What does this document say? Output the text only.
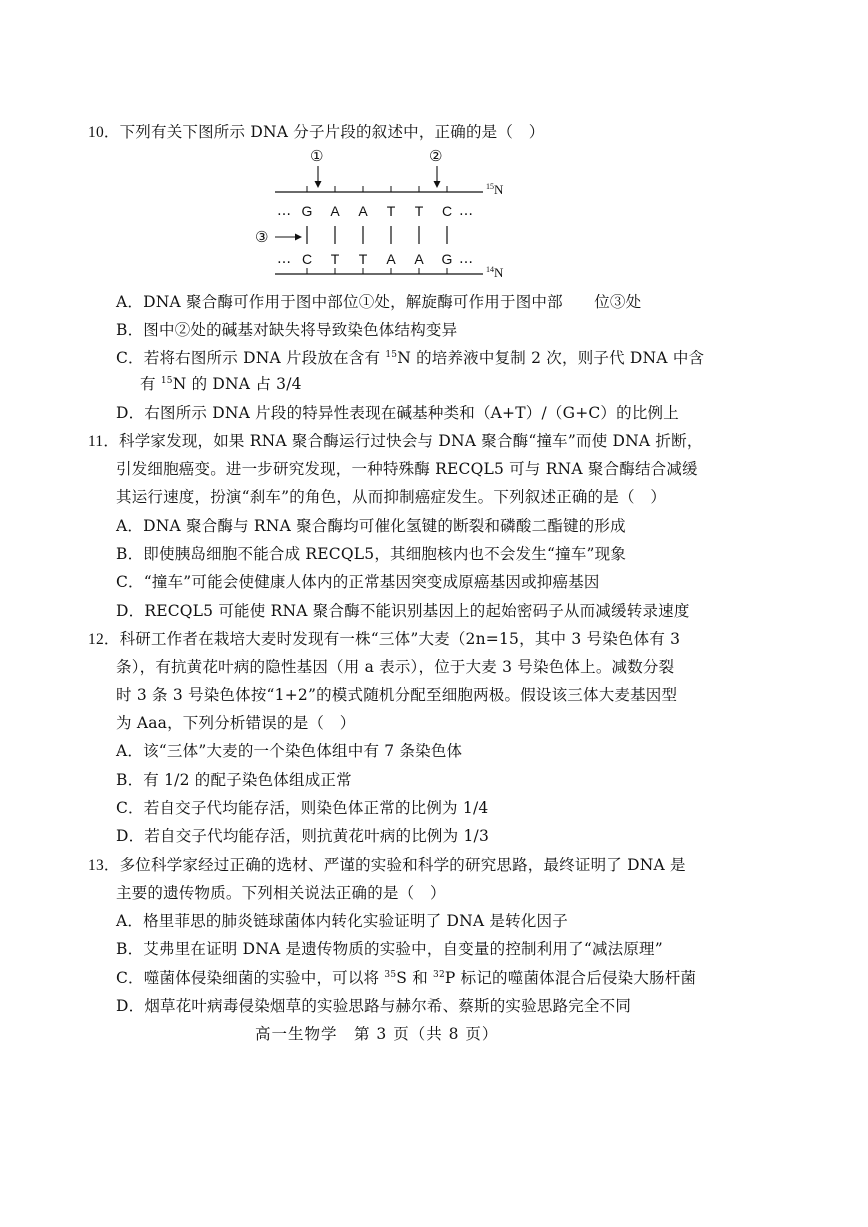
10．下列有关下图所示 DNA 分子片段的叙述中，正确的是（　）
①	②
③
$^{15}$N
$^{14}$N
… G A A T T C …
… C T T A A G …
A．DNA 聚合酶可作用于图中部位①处，解旋酶可作用于图中部　　位③处
B．图中②处的碱基对缺失将导致染色体结构变异
C．若将右图所示 DNA 片段放在含有 $^{15}$N 的培养液中复制 2 次，则子代 DNA 中含
有 $^{15}$N 的 DNA 占 3/4
D．右图所示 DNA 片段的特异性表现在碱基种类和（A+T）/（G+C）的比例上
11．科学家发现，如果 RNA 聚合酶运行过快会与 DNA 聚合酶“撞车”而使 DNA 折断，
引发细胞癌变。进一步研究发现，一种特殊酶 RECQL5 可与 RNA 聚合酶结合减缓
其运行速度，扮演“刹车”的角色，从而抑制癌症发生。下列叙述正确的是（　）
A．DNA 聚合酶与 RNA 聚合酶均可催化氢键的断裂和磷酸二酯键的形成
B．即使胰岛细胞不能合成 RECQL5，其细胞核内也不会发生“撞车”现象
C．“撞车”可能会使健康人体内的正常基因突变成原癌基因或抑癌基因
D．RECQL5 可能使 RNA 聚合酶不能识别基因上的起始密码子从而减缓转录速度
12．科研工作者在栽培大麦时发现有一株“三体”大麦（2n=15，其中 3 号染色体有 3
条），有抗黄花叶病的隐性基因（用 a 表示），位于大麦 3 号染色体上。减数分裂
时 3 条 3 号染色体按“1+2”的模式随机分配至细胞两极。假设该三体大麦基因型
为 Aaa，下列分析错误的是（　）
A．该“三体”大麦的一个染色体组中有 7 条染色体
B．有 1/2 的配子染色体组成正常
C．若自交子代均能存活，则染色体正常的比例为 1/4
D．若自交子代均能存活，则抗黄花叶病的比例为 1/3
13．多位科学家经过正确的选材、严谨的实验和科学的研究思路，最终证明了 DNA 是
主要的遗传物质。下列相关说法正确的是（　）
A．格里菲思的肺炎链球菌体内转化实验证明了 DNA 是转化因子
B．艾弗里在证明 DNA 是遗传物质的实验中，自变量的控制利用了“减法原理”
C．噬菌体侵染细菌的实验中，可以将 $^{35}$S 和 $^{32}$P 标记的噬菌体混合后侵染大肠杆菌
D．烟草花叶病毒侵染烟草的实验思路与赫尔希、蔡斯的实验思路完全不同
高一生物学　第 3 页（共 8 页）
